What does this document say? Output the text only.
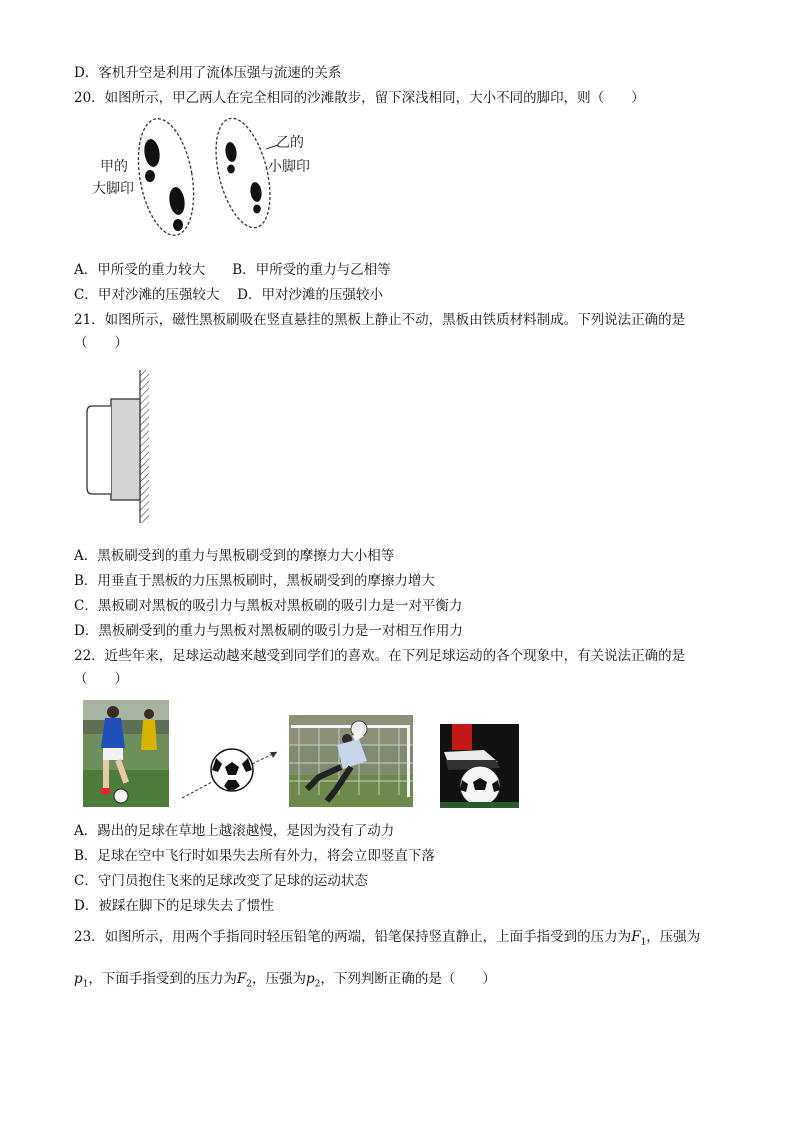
D．客机升空是利用了流体压强与流速的关系
20．如图所示，甲乙两人在完全相同的沙滩散步，留下深浅相同，大小不同的脚印，则（　　）
甲的
大脚印
乙的
小脚印
A．甲所受的重力较大　　B．甲所受的重力与乙相等
C．甲对沙滩的压强较大　 D．甲对沙滩的压强较小
21．如图所示，磁性黑板刷吸在竖直悬挂的黑板上静止不动，黑板由铁质材料制成。下列说法正确的是
（　　）
A．黑板刷受到的重力与黑板刷受到的摩擦力大小相等
B．用垂直于黑板的力压黑板刷时，黑板刷受到的摩擦力增大
C．黑板刷对黑板的吸引力与黑板对黑板刷的吸引力是一对平衡力
D．黑板刷受到的重力与黑板对黑板刷的吸引力是一对相互作用力
22．近些年来，足球运动越来越受到同学们的喜欢。在下列足球运动的各个现象中，有关说法正确的是
（　　）
A．踢出的足球在草地上越滚越慢，是因为没有了动力
B．足球在空中飞行时如果失去所有外力，将会立即竖直下落
C．守门员抱住飞来的足球改变了足球的运动状态
D．被踩在脚下的足球失去了惯性
23．如图所示，用两个手指同时轻压铅笔的两端，铅笔保持竖直静止，上面手指受到的压力为$F_1$，压强为
$p_1$，下面手指受到的压力为$F_2$，压强为$p_2$，下列判断正确的是（　　）
